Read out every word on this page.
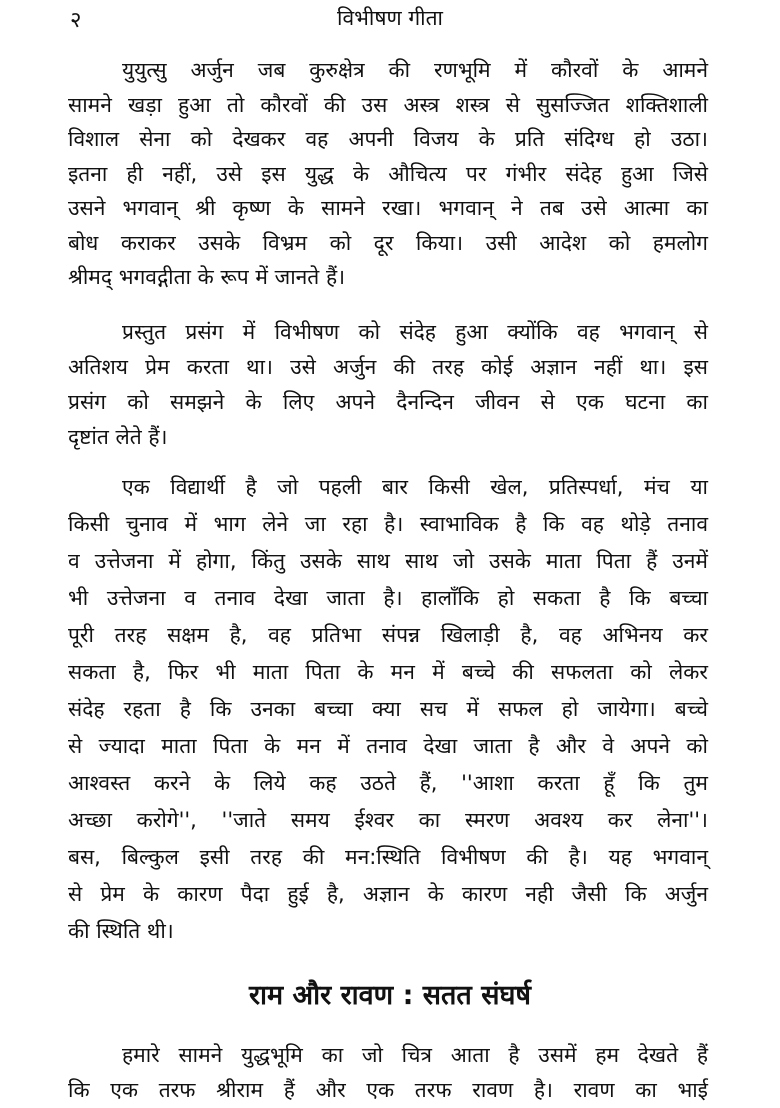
२	विभीषण गीता
युयुत्सु अर्जुन जब कुरुक्षेत्र की रणभूमि में कौरवों के आमने
सामने खड़ा हुआ तो कौरवों की उस अस्त्र शस्त्र से सुसज्जित शक्तिशाली
विशाल सेना को देखकर वह अपनी विजय के प्रति संदिग्ध हो उठा।
इतना ही नहीं, उसे इस युद्ध के औचित्य पर गंभीर संदेह हुआ जिसे
उसने भगवान् श्री कृष्ण के सामने रखा। भगवान् ने तब उसे आत्मा का
बोध कराकर उसके विभ्रम को दूर किया। उसी आदेश को हमलोग
श्रीमद् भगवद्गीता के रूप में जानते हैं।
प्रस्तुत प्रसंग में विभीषण को संदेह हुआ क्योंकि वह भगवान् से
अतिशय प्रेम करता था। उसे अर्जुन की तरह कोई अज्ञान नहीं था। इस
प्रसंग को समझने के लिए अपने दैनन्दिन जीवन से एक घटना का
दृष्टांत लेते हैं।
एक विद्यार्थी है जो पहली बार किसी खेल, प्रतिस्पर्धा, मंच या
किसी चुनाव में भाग लेने जा रहा है। स्वाभाविक है कि वह थोड़े तनाव
व उत्तेजना में होगा, किंतु उसके साथ साथ जो उसके माता पिता हैं उनमें
भी उत्तेजना व तनाव देखा जाता है। हालाँकि हो सकता है कि बच्चा
पूरी तरह सक्षम है, वह प्रतिभा संपन्न खिलाड़ी है, वह अभिनय कर
सकता है, फिर भी माता पिता के मन में बच्चे की सफलता को लेकर
संदेह रहता है कि उनका बच्चा क्या सच में सफल हो जायेगा। बच्चे
से ज्यादा माता पिता के मन में तनाव देखा जाता है और वे अपने को
आश्वस्त करने के लिये कह उठते हैं, ''आशा करता हूँ कि तुम
अच्छा करोगे'', ''जाते समय ईश्वर का स्मरण अवश्य कर लेना''।
बस, बिल्कुल इसी तरह की मन:स्थिति विभीषण की है। यह भगवान्
से प्रेम के कारण पैदा हुई है, अज्ञान के कारण नही जैसी कि अर्जुन
की स्थिति थी।
हमारे सामने युद्धभूमि का जो चित्र आता है उसमें हम देखते हैं
कि एक तरफ श्रीराम हैं और एक तरफ रावण है। रावण का भाई
राम और रावण : सतत संघर्ष
